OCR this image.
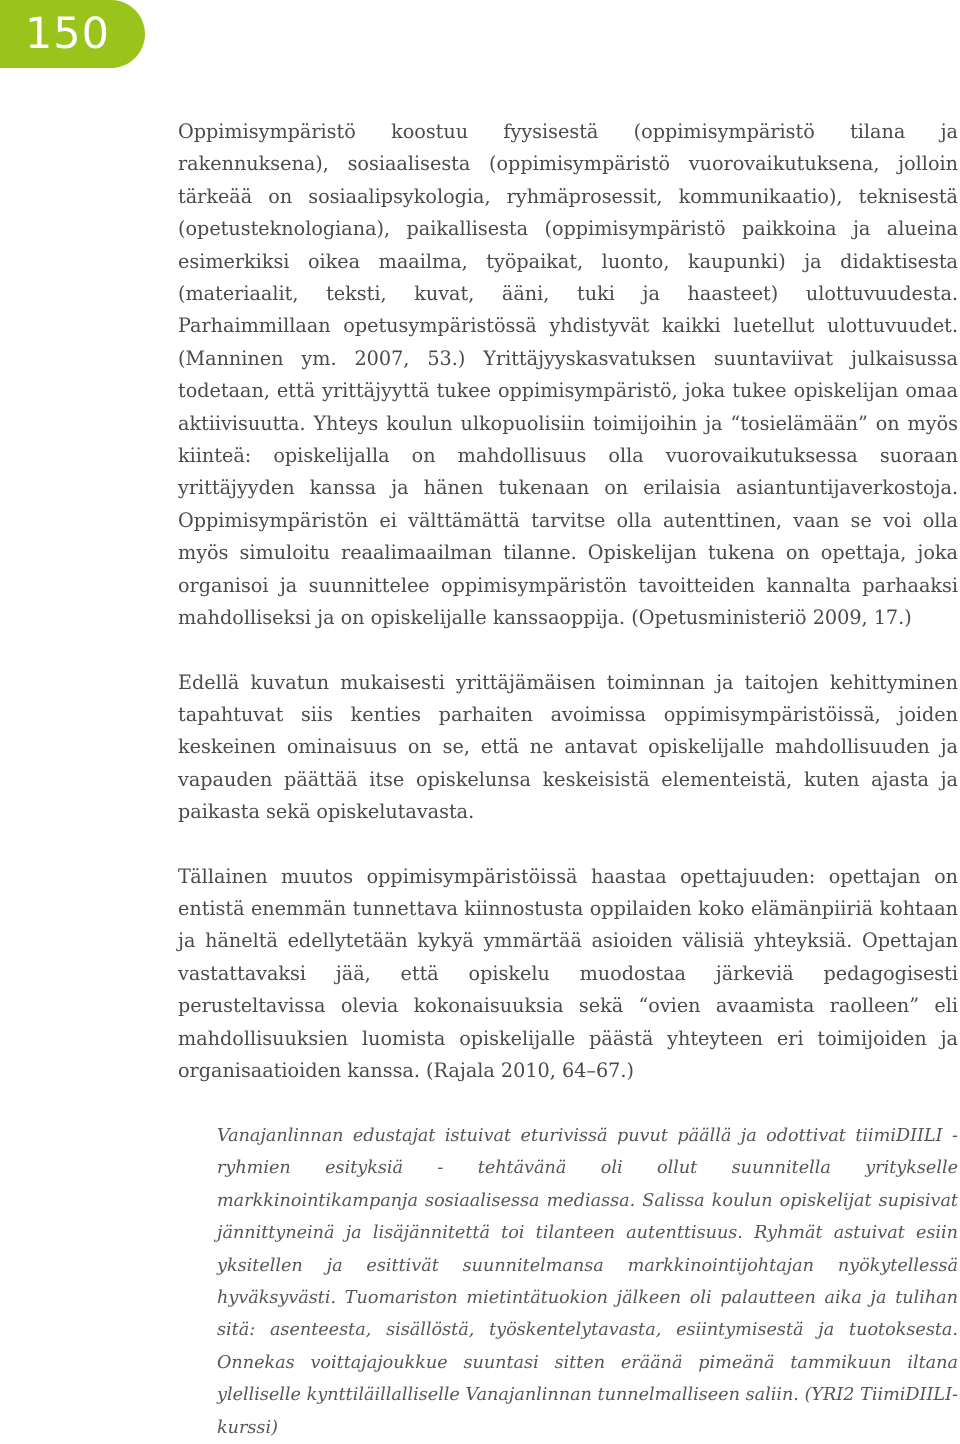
150

Oppimisympäristö koostuu fyysisestä (oppimisympäristö tilana ja rakennuksena), sosiaalisesta (oppimisympäristö vuorovaikutuksena, jolloin tärkeää on sosiaalipsykologia, ryhmäprosessit, kommunikaatio), teknisestä (opetusteknologiana), paikallisesta (oppimisympäristö paikkoina ja alueina esimerkiksi oikea maailma, työpaikat, luonto, kaupunki) ja didaktisesta (materiaalit, teksti, kuvat, ääni, tuki ja haasteet) ulottuvuudesta. Parhaimmillaan opetusympäristössä yhdistyvät kaikki luetellut ulottuvuudet. (Manninen ym. 2007, 53.) Yrittäjyyskasvatuksen suuntaviivat julkaisussa todetaan, että yrittäjyyttä tukee oppimisympäristö, joka tukee opiskelijan omaa aktiivisuutta. Yhteys koulun ulkopuolisiin toimijoihin ja “tosielämään” on myös kiinteä: opiskelijalla on mahdollisuus olla vuorovaikutuksessa suoraan yrittäjyyden kanssa ja hänen tukenaan on erilaisia asiantuntijaverkostoja. Oppimisympäristön ei välttämättä tarvitse olla autenttinen, vaan se voi olla myös simuloitu reaalimaailman tilanne. Opiskelijan tukena on opettaja, joka organisoi ja suunnittelee oppimisympäristön tavoitteiden kannalta parhaaksi mahdolliseksi ja on opiskelijalle kanssaoppija. (Opetusministeriö 2009, 17.)

Edellä kuvatun mukaisesti yrittäjämäisen toiminnan ja taitojen kehittyminen tapahtuvat siis kenties parhaiten avoimissa oppimisympäristöissä, joiden keskeinen ominaisuus on se, että ne antavat opiskelijalle mahdollisuuden ja vapauden päättää itse opiskelunsa keskeisistä elementeistä, kuten ajasta ja paikasta sekä opiskelutavasta.

Tällainen muutos oppimisympäristöissä haastaa opettajuuden: opettajan on entistä enemmän tunnettava kiinnostusta oppilaiden koko elämänpiiriä kohtaan ja häneltä edellytetään kykyä ymmärtää asioiden välisiä yhteyksiä. Opettajan vastattavaksi jää, että opiskelu muodostaa järkeviä pedagogisesti perusteltavissa olevia kokonaisuuksia sekä “ovien avaamista raolleen” eli mahdollisuuksien luomista opiskelijalle päästä yhteyteen eri toimijoiden ja organisaatioiden kanssa. (Rajala 2010, 64–67.)

Vanajanlinnan edustajat istuivat eturivissä puvut päällä ja odottivat tiimiDIILI -ryhmien esityksiä - tehtävänä oli ollut suunnitella yritykselle markkinointikampanja sosiaalisessa mediassa. Salissa koulun opiskelijat supisivat jännittyneinä ja lisäjännitettä toi tilanteen autenttisuus. Ryhmät astuivat esiin yksitellen ja esittivät suunnitelmansa markkinointijohtajan nyökytellessä hyväksyvästi. Tuomariston mietintätuokion jälkeen oli palautteen aika ja tulihan sitä: asenteesta, sisällöstä, työskentelytavasta, esiintymisestä ja tuotoksesta. Onnekas voittajajoukkue suuntasi sitten eräänä pimeänä tammikuun iltana ylelliselle kynttiläillalliselle Vanajanlinnan tunnelmalliseen saliin. (YRI2 TiimiDIILI-kurssi)
